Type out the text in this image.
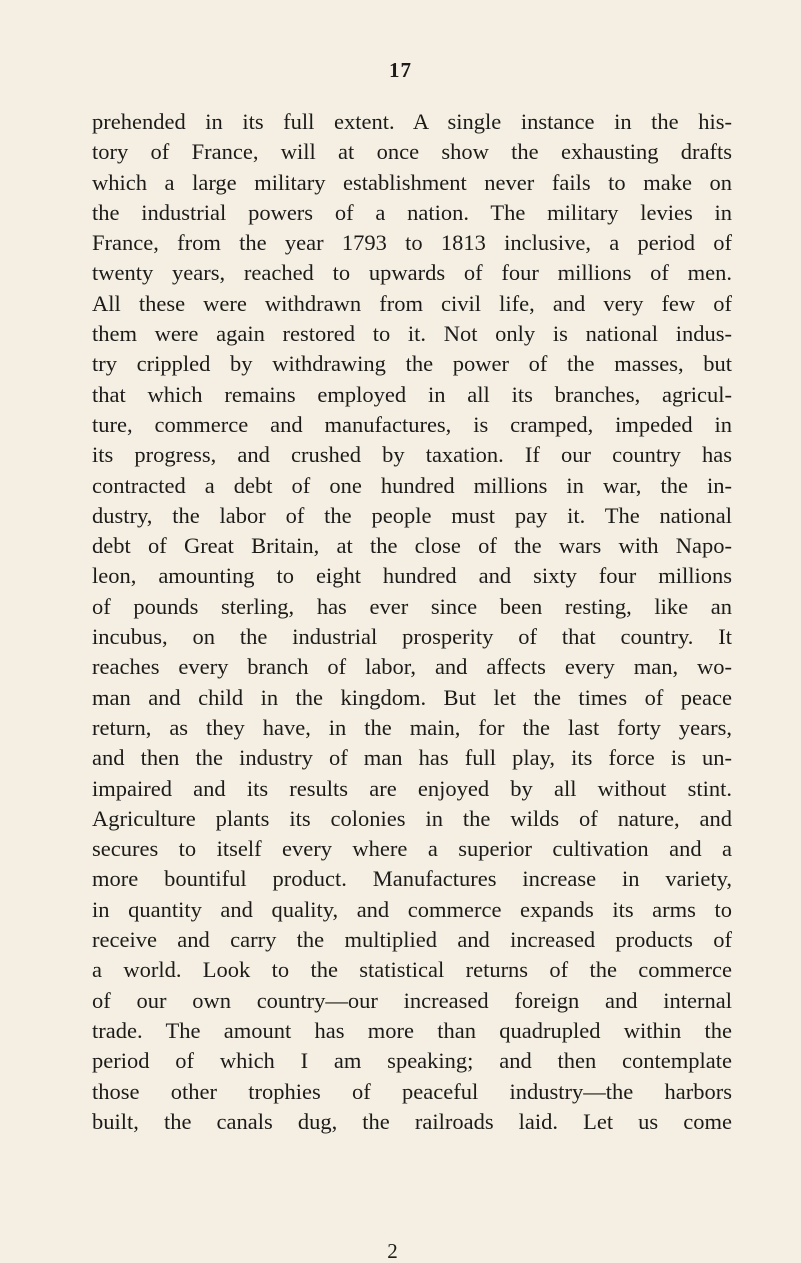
17
prehended in its full extent. A single instance in the his-
tory of France, will at once show the exhausting drafts
which a large military establishment never fails to make on
the industrial powers of a nation. The military levies in
France, from the year 1793 to 1813 inclusive, a period of
twenty years, reached to upwards of four millions of men.
All these were withdrawn from civil life, and very few of
them were again restored to it. Not only is national indus-
try crippled by withdrawing the power of the masses, but
that which remains employed in all its branches, agricul-
ture, commerce and manufactures, is cramped, impeded in
its progress, and crushed by taxation. If our country has
contracted a debt of one hundred millions in war, the in-
dustry, the labor of the people must pay it. The national
debt of Great Britain, at the close of the wars with Napo-
leon, amounting to eight hundred and sixty four millions
of pounds sterling, has ever since been resting, like an
incubus, on the industrial prosperity of that country. It
reaches every branch of labor, and affects every man, wo-
man and child in the kingdom. But let the times of peace
return, as they have, in the main, for the last forty years,
and then the industry of man has full play, its force is un-
impaired and its results are enjoyed by all without stint.
Agriculture plants its colonies in the wilds of nature, and
secures to itself every where a superior cultivation and a
more bountiful product. Manufactures increase in variety,
in quantity and quality, and commerce expands its arms to
receive and carry the multiplied and increased products of
a world. Look to the statistical returns of the commerce
of our own country—our increased foreign and internal
trade. The amount has more than quadrupled within the
period of which I am speaking; and then contemplate
those other trophies of peaceful industry—the harbors
built, the canals dug, the railroads laid. Let us come
2
